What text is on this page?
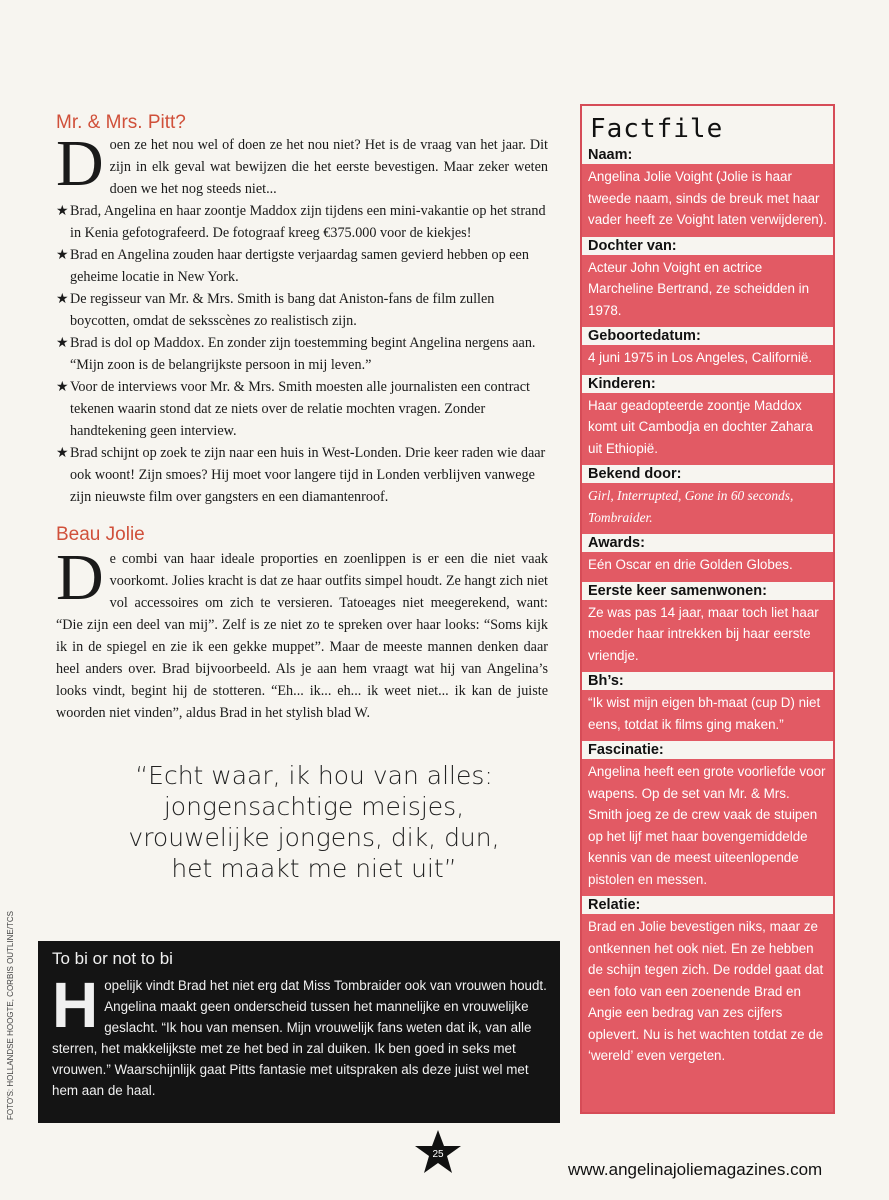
Mr. & Mrs. Pitt?
Doen ze het nou wel of doen ze het nou niet? Het is de vraag van het jaar. Dit zijn in elk geval wat bewijzen die het eerste bevestigen. Maar zeker weten doen we het nog steeds niet...
★ Brad, Angelina en haar zoontje Maddox zijn tijdens een mini-vakantie op het strand in Kenia gefotografeerd. De fotograaf kreeg €375.000 voor de kiekjes!
★ Brad en Angelina zouden haar dertigste verjaardag samen gevierd hebben op een geheime locatie in New York.
★ De regisseur van Mr. & Mrs. Smith is bang dat Aniston-fans de film zullen boycotten, omdat de seksscènes zo realistisch zijn.
★ Brad is dol op Maddox. En zonder zijn toestemming begint Angelina nergens aan. “Mijn zoon is de belangrijkste persoon in mij leven.”
★ Voor de interviews voor Mr. & Mrs. Smith moesten alle journalisten een contract tekenen waarin stond dat ze niets over de relatie mochten vragen. Zonder handtekening geen interview.
★ Brad schijnt op zoek te zijn naar een huis in West-Londen. Drie keer raden wie daar ook woont! Zijn smoes? Hij moet voor langere tijd in Londen verblijven vanwege zijn nieuwste film over gangsters en een diamantenroof.
Beau Jolie
De combi van haar ideale proporties en zoenlippen is er een die niet vaak voorkomt. Jolies kracht is dat ze haar outfits simpel houdt. Ze hangt zich niet vol accessoires om zich te versieren. Tatoeages niet meegerekend, want: “Die zijn een deel van mij”. Zelf is ze niet zo te spreken over haar looks: “Soms kijk ik in de spiegel en zie ik een gekke muppet”. Maar de meeste mannen denken daar heel anders over. Brad bijvoorbeeld. Als je aan hem vraagt wat hij van Angelina’s looks vindt, begint hij de stotteren. “Eh... ik... eh... ik weet niet... ik kan de juiste woorden niet vinden”, aldus Brad in het stylish blad W.
“Echt waar, ik hou van alles:
jongensachtige meisjes,
vrouwelijke jongens, dik, dun,
het maakt me niet uit”
FOTO'S: HOLLANDSE HOOGTE, CORBIS OUTLINE/TCS To bi or not to bi
Hopelijk vindt Brad het niet erg dat Miss Tombraider ook van vrouwen houdt. Angelina maakt geen onderscheid tussen het mannelijke en vrouwelijke geslacht. “Ik hou van mensen. Mijn vrouwelijk fans weten dat ik, van alle sterren, het makkelijkste met ze het bed in zal duiken. Ik ben goed in seks met vrouwen.” Waarschijnlijk gaat Pitts fantasie met uitspraken als deze juist wel met hem aan de haal.
Factfile
Naam:
Angelina Jolie Voight (Jolie is haar tweede naam, sinds de breuk met haar vader heeft ze Voight laten verwijderen).
Dochter van:
Acteur John Voight en actrice Marcheline Bertrand, ze scheidden in 1978.
Geboortedatum:
4 juni 1975 in Los Angeles, Californië.
Kinderen:
Haar geadopteerde zoontje Maddox komt uit Cambodja en dochter Zahara uit Ethiopië.
Bekend door:
Girl, Interrupted, Gone in 60 seconds, Tombraider.
Awards:
Eén Oscar en drie Golden Globes.
Eerste keer samenwonen:
Ze was pas 14 jaar, maar toch liet haar moeder haar intrekken bij haar eerste vriendje.
Bh’s:
“Ik wist mijn eigen bh-maat (cup D) niet eens, totdat ik films ging maken.”
Fascinatie:
Angelina heeft een grote voorliefde voor wapens. Op de set van Mr. & Mrs. Smith joeg ze de crew vaak de stuipen op het lijf met haar bovengemiddelde kennis van de meest uiteenlopende pistolen en messen.
Relatie:
Brad en Jolie bevestigen niks, maar ze ontkennen het ook niet. En ze hebben de schijn tegen zich. De roddel gaat dat een foto van een zoenende Brad en Angie een bedrag van zes cijfers oplevert. Nu is het wachten totdat ze de ‘wereld’ even vergeten.
25
www.angelinajoliemagazines.com
